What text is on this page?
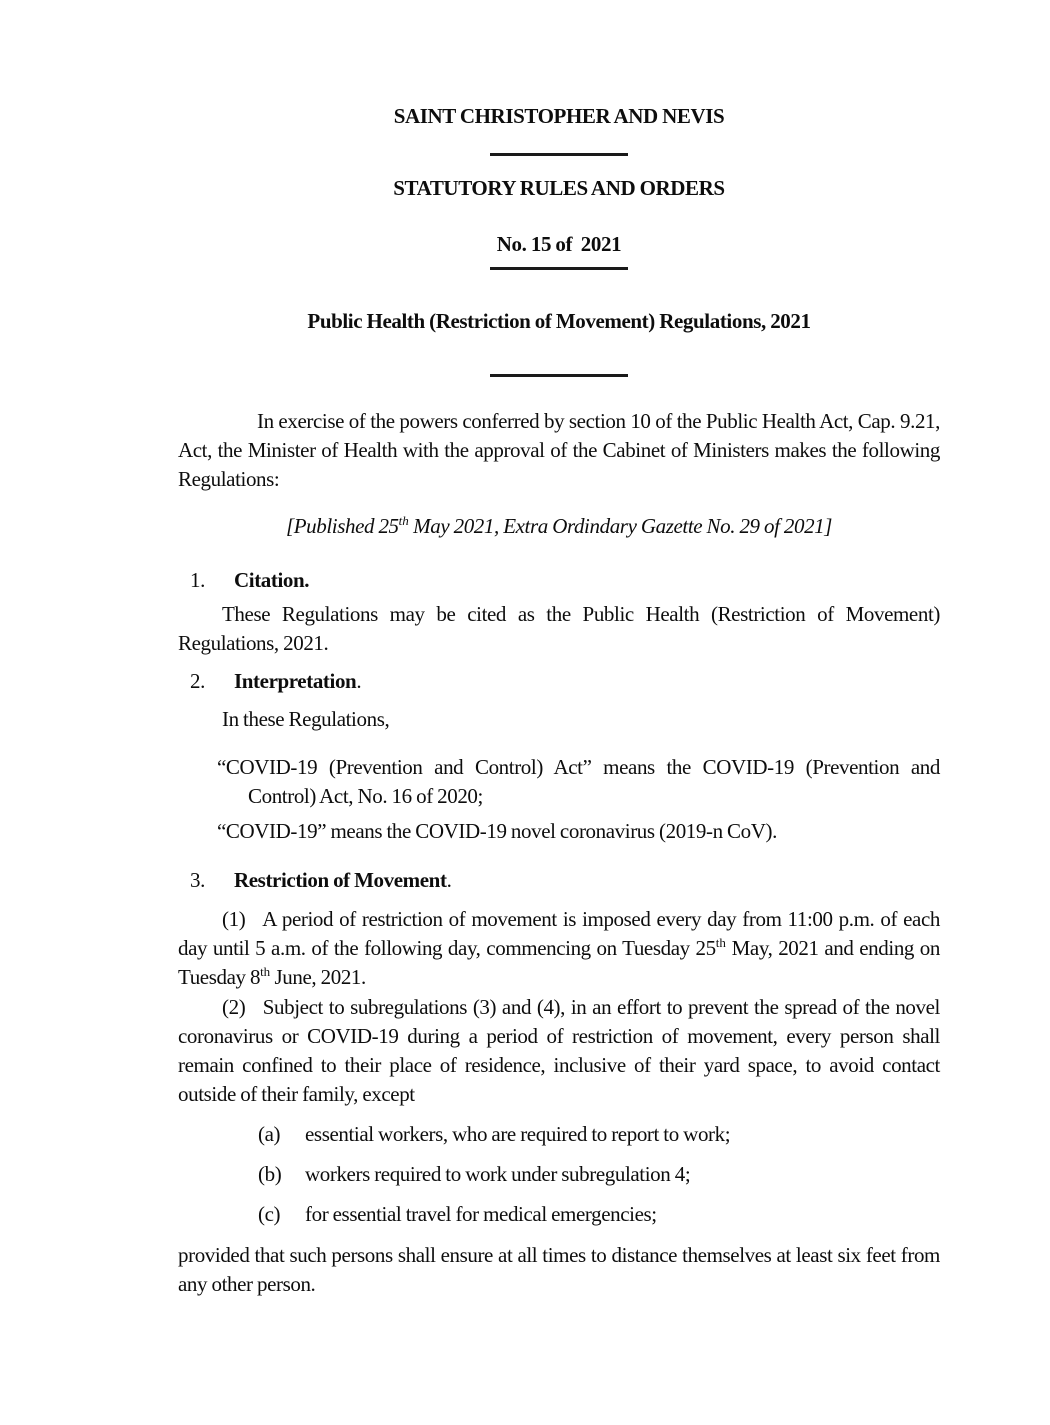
SAINT CHRISTOPHER AND NEVIS
STATUTORY RULES AND ORDERS
No. 15 of  2021
Public Health (Restriction of Movement) Regulations, 2021

In exercise of the powers conferred by section 10 of the Public Health Act, Cap. 9.21, Act, the Minister of Health with the approval of the Cabinet of Ministers makes the following Regulations:

[Published 25th May 2021, Extra Ordindary Gazette No. 29 of 2021]

1. Citation.

These Regulations may be cited as the Public Health (Restriction of Movement) Regulations, 2021.

2. Interpretation.

In these Regulations,

“COVID-19 (Prevention and Control) Act” means the COVID-19 (Prevention and Control) Act, No. 16 of 2020;

“COVID-19” means the COVID-19 novel coronavirus (2019-n CoV).

3. Restriction of Movement.

(1)   A period of restriction of movement is imposed every day from 11:00 p.m. of each day until 5 a.m. of the following day, commencing on Tuesday 25th May, 2021 and ending on Tuesday 8th June, 2021.

(2)   Subject to subregulations (3) and (4), in an effort to prevent the spread of the novel coronavirus or COVID-19 during a period of restriction of movement, every person shall remain confined to their place of residence, inclusive of their yard space, to avoid contact outside of their family, except

(a) essential workers, who are required to report to work;
(b) workers required to work under subregulation 4;
(c) for essential travel for medical emergencies;

provided that such persons shall ensure at all times to distance themselves at least six feet from any other person.
